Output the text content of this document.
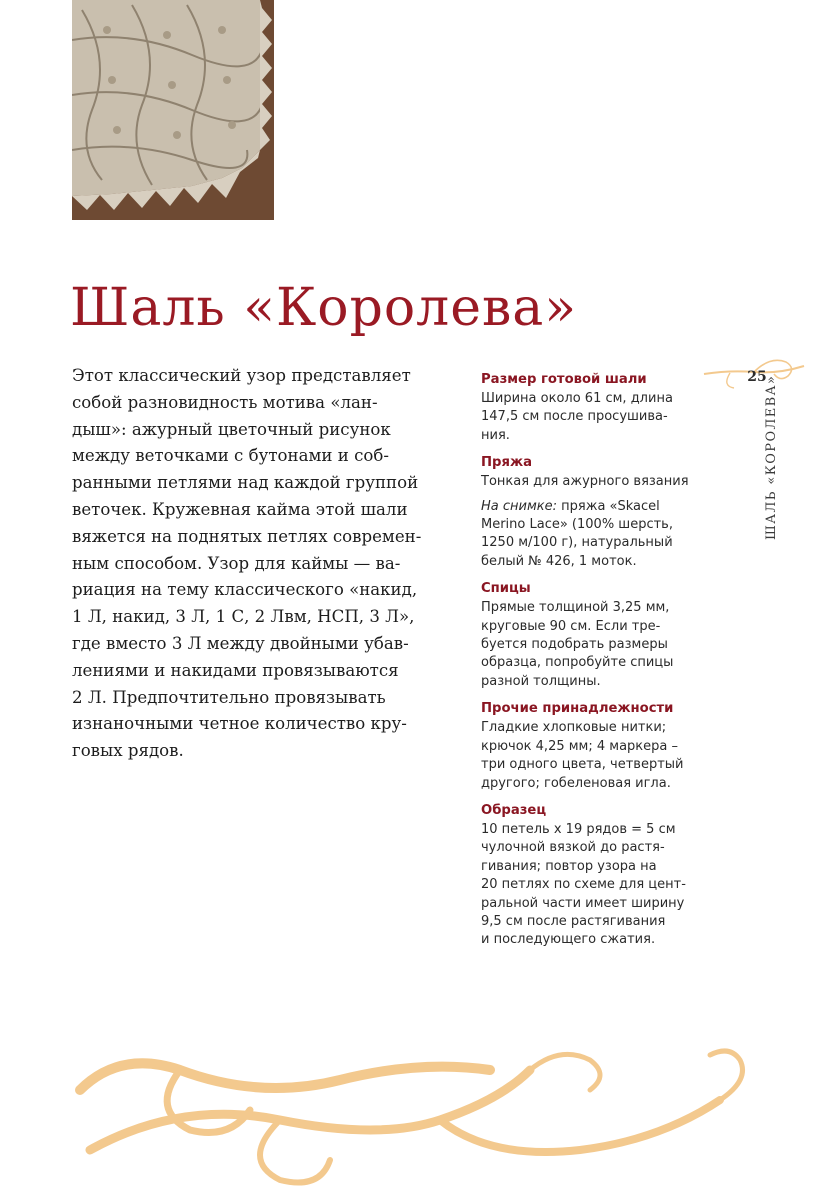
Шаль «Королева»
Этот классический узор представляет
собой разновидность мотива «лан-
дыш»: ажурный цветочный рисунок
между веточками с бутонами и соб-
ранными петлями над каждой группой
веточек. Кружевная кайма этой шали
вяжется на поднятых петлях современ-
ным способом. Узор для каймы — ва-
риация на тему классического «накид,
1 Л, накид, 3 Л, 1 С, 2 Лвм, НСП, 3 Л»,
где вместо 3 Л между двойными убав-
лениями и накидами провязываются
2 Л. Предпочтительно провязывать
изнаночными четное количество кру-
говых рядов.
Размер готовой шали
Ширина около 61 см, длина
147,5 см после просушива-
ния.
Пряжа
Тонкая для ажурного вязания
На снимке: пряжа «Skacel
Merino Lace» (100% шерсть,
1250 м/100 г), натуральный
белый № 426, 1 моток.
Спицы
Прямые толщиной 3,25 мм,
круговые 90 см. Если тре-
буется подобрать размеры
образца, попробуйте спицы
разной толщины.
Прочие принадлежности
Гладкие хлопковые нитки;
крючок 4,25 мм; 4 маркера –
три одного цвета, четвертый
другого; гобеленовая игла.
Образец
10 петель х 19 рядов = 5 см
чулочной вязкой до растя-
гивания; повтор узора на
20 петлях по схеме для цент-
ральной части имеет ширину
9,5 см после растягивания
и последующего сжатия.
25
ШАЛЬ «КОРОЛЕВА»
